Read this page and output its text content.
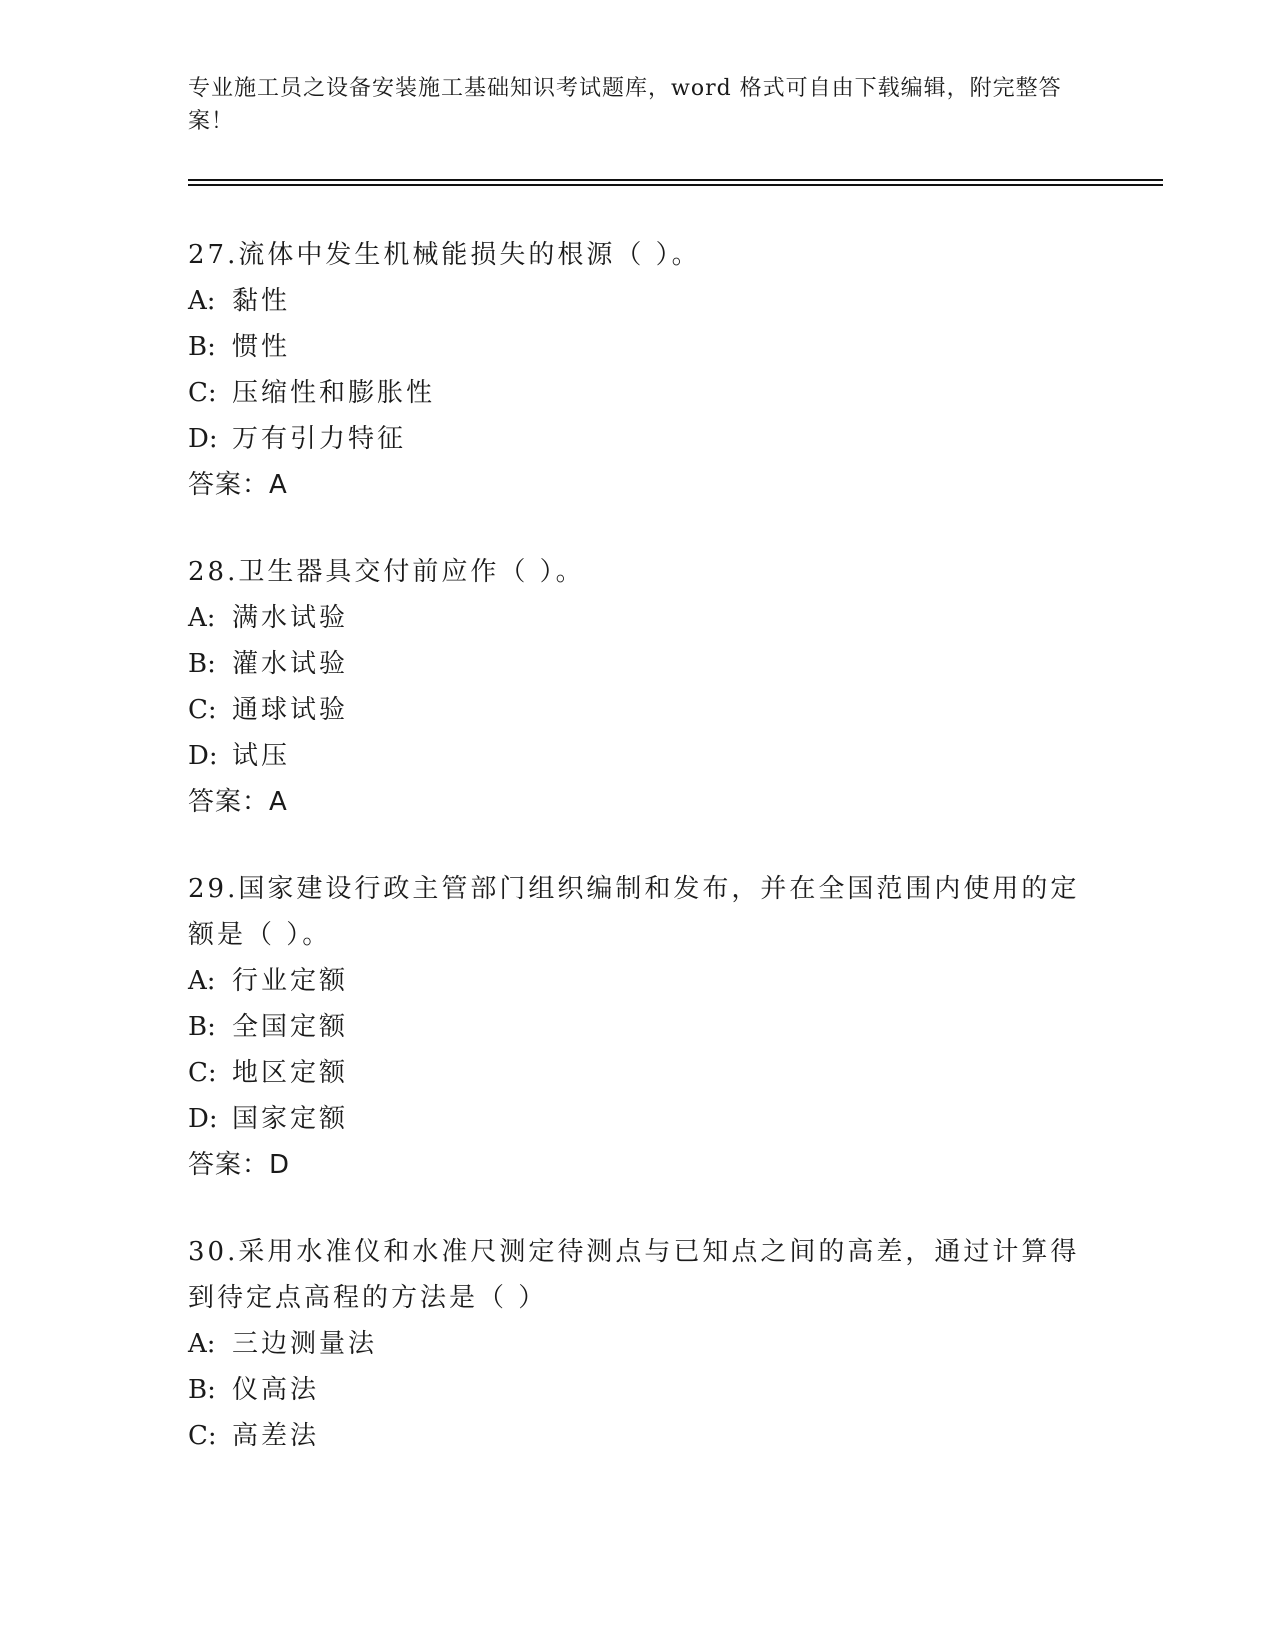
专业施工员之设备安装施工基础知识考试题库，word 格式可自由下载编辑，附完整答案！

27.流体中发生机械能损失的根源（ ）。

A: 黏性
B: 惯性
C: 压缩性和膨胀性
D: 万有引力特征
答案：A

28.卫生器具交付前应作（ ）。

A: 满水试验
B: 灌水试验
C: 通球试验
D: 试压
答案：A

29.国家建设行政主管部门组织编制和发布，并在全国范围内使用的定额是（ ）。

A: 行业定额
B: 全国定额
C: 地区定额
D: 国家定额
答案：D

30.采用水准仪和水准尺测定待测点与已知点之间的高差，通过计算得到待定点高程的方法是（ ）

A: 三边测量法
B: 仪高法
C: 高差法
